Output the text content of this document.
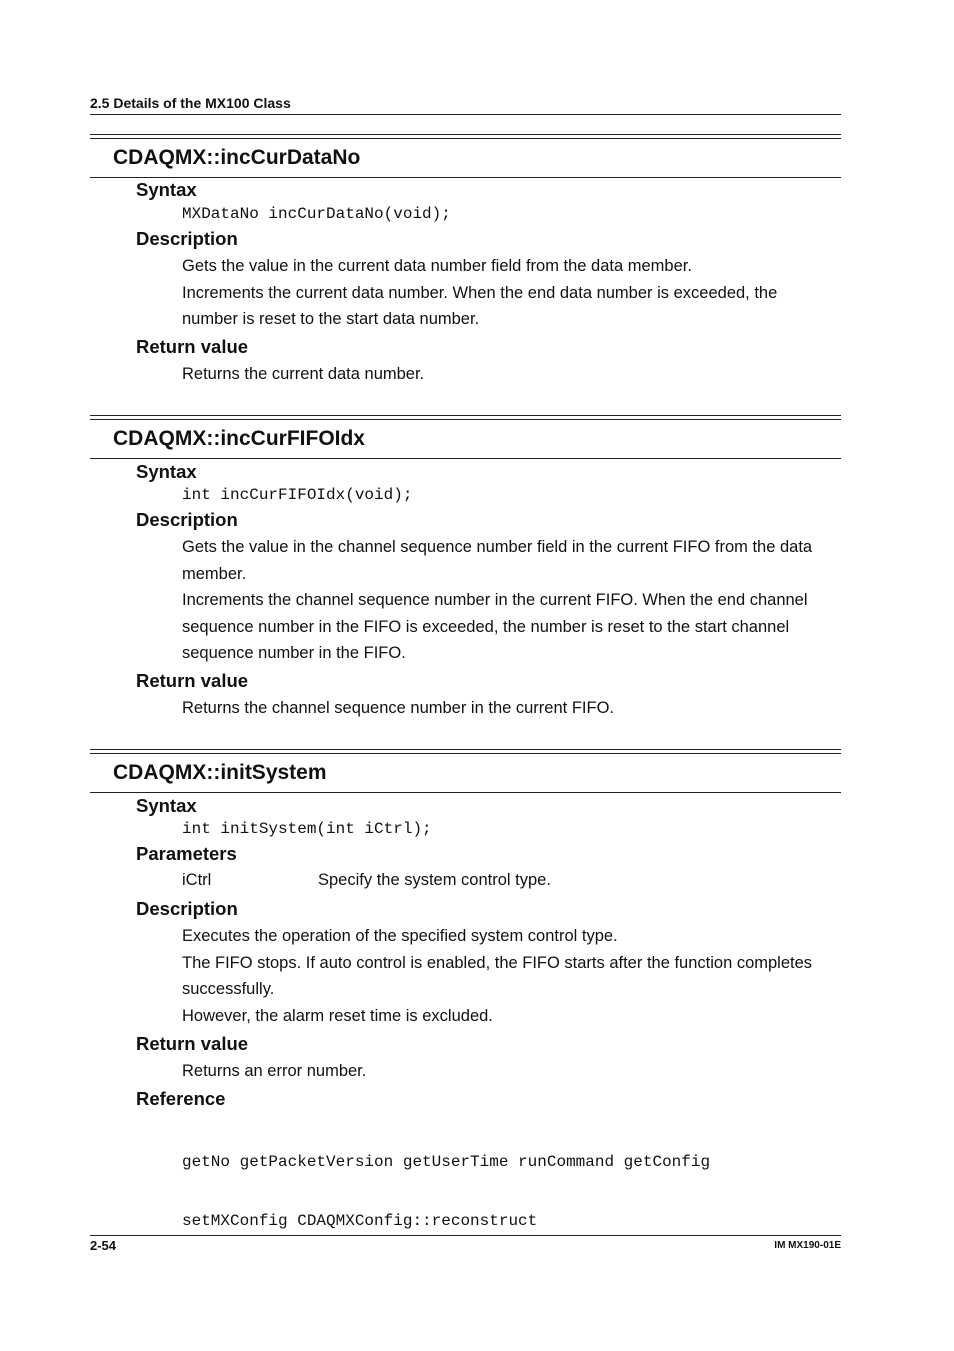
2.5 Details of the MX100 Class
CDAQMX::incCurDataNo
Syntax
MXDataNo incCurDataNo(void);
Description

Gets the value in the current data number field from the data member.

Increments the current data number. When the end data number is exceeded, the number is reset to the start data number.

Return value
Returns the current data number.
CDAQMX::incCurFIFOIdx
Syntax
int incCurFIFOIdx(void);
Description

Gets the value in the channel sequence number field in the current FIFO from the data member.

Increments the channel sequence number in the current FIFO. When the end channel sequence number in the FIFO is exceeded, the number is reset to the start channel sequence number in the FIFO.

Return value
Returns the channel sequence number in the current FIFO.
CDAQMX::initSystem
Syntax
int initSystem(int iCtrl);
Parameters
iCtrl	Specify the system control type.
Description

Executes the operation of the specified system control type.

The FIFO stops. If auto control is enabled, the FIFO starts after the function completes successfully.

However, the alarm reset time is excluded.

Return value
Returns an error number.
Reference

getNo getPacketVersion getUserTime runCommand getConfig

setMXConfig CDAQMXConfig::reconstruct

2-54	IM MX190-01E
